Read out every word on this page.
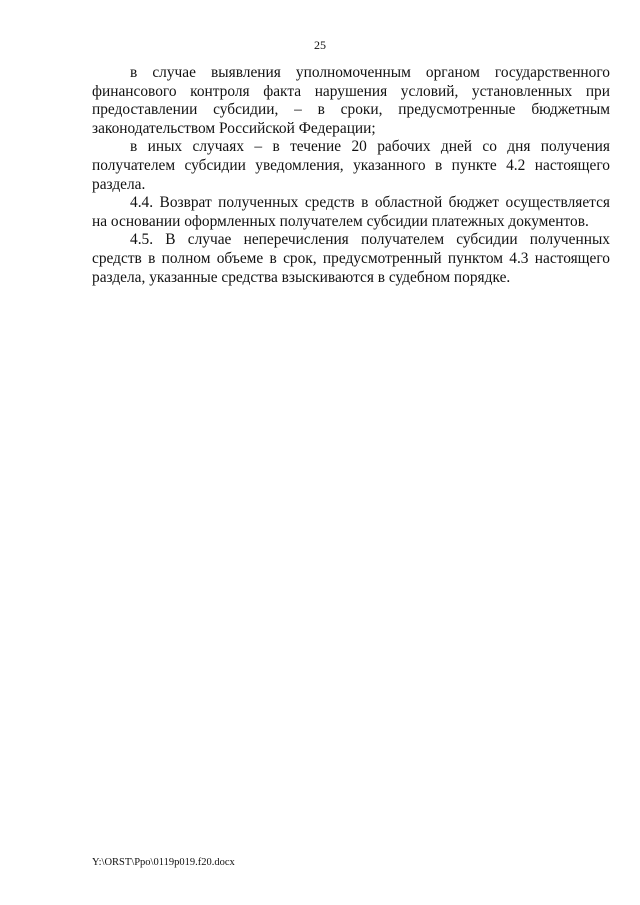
25

в случае выявления уполномоченным органом государственного финансового контроля факта нарушения условий, установленных при предоставлении субсидии, – в сроки, предусмотренные бюджетным законодательством Российской Федерации;

в иных случаях – в течение 20 рабочих дней со дня получения получателем субсидии уведомления, указанного в пункте 4.2 настоящего раздела.

4.4. Возврат полученных средств в областной бюджет осуществляется на основании оформленных получателем субсидии платежных документов.

4.5. В случае неперечисления получателем субсидии полученных средств в полном объеме в срок, предусмотренный пунктом 4.3 настоящего раздела, указанные средства взыскиваются в судебном порядке.

Y:\ORST\Ppo\0119p019.f20.docx
